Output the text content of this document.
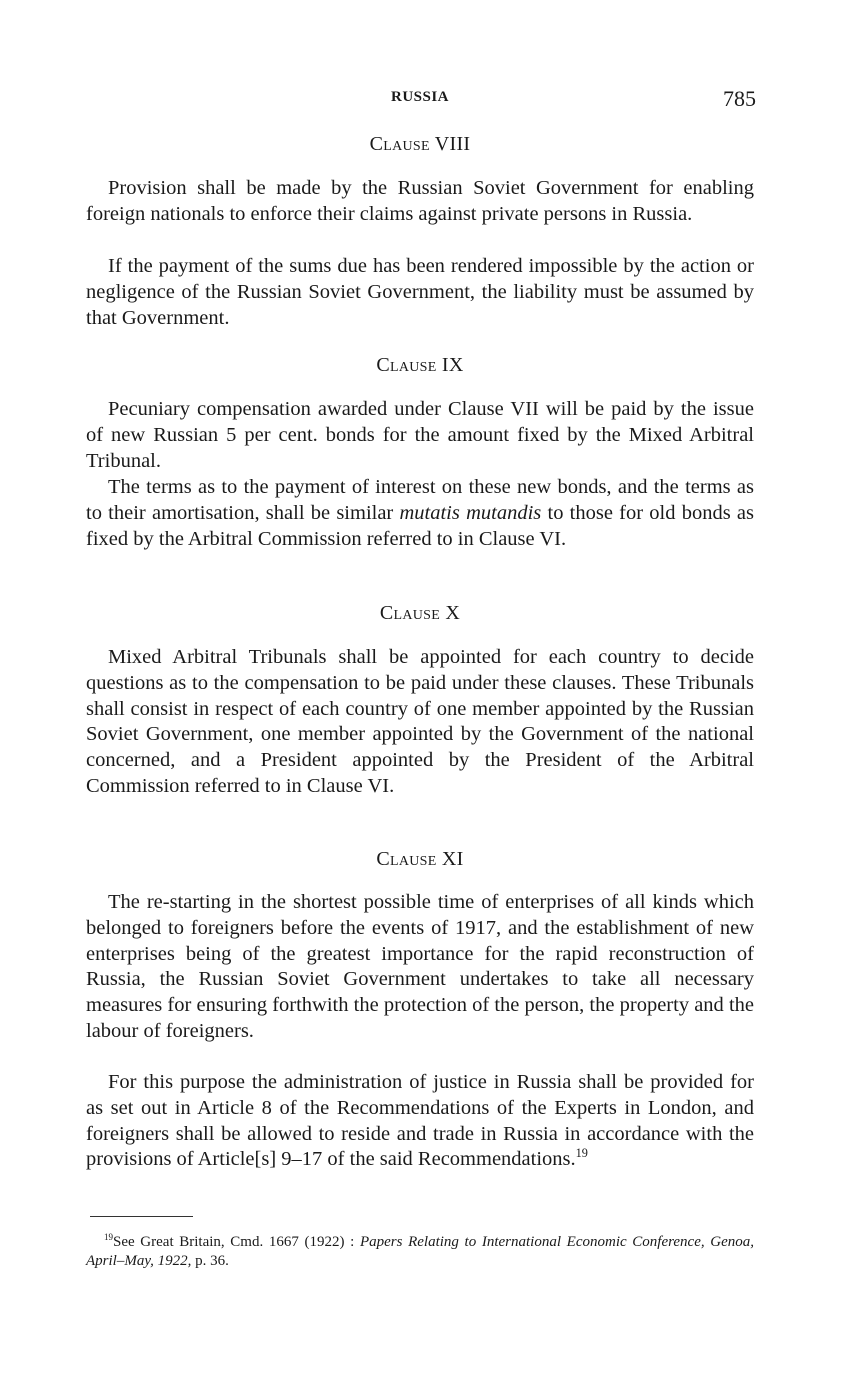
RUSSIA	785
Clause VIII

Provision shall be made by the Russian Soviet Government for enabling foreign nationals to enforce their claims against private persons in Russia.

If the payment of the sums due has been rendered impossible by the action or negligence of the Russian Soviet Government, the liability must be assumed by that Government.

Clause IX

Pecuniary compensation awarded under Clause VII will be paid by the issue of new Russian 5 per cent. bonds for the amount fixed by the Mixed Arbitral Tribunal.

The terms as to the payment of interest on these new bonds, and the terms as to their amortisation, shall be similar mutatis mutandis to those for old bonds as fixed by the Arbitral Commission referred to in Clause VI.

Clause X

Mixed Arbitral Tribunals shall be appointed for each country to decide questions as to the compensation to be paid under these clauses. These Tribunals shall consist in respect of each country of one member appointed by the Russian Soviet Government, one member appointed by the Government of the national concerned, and a President appointed by the President of the Arbitral Commission referred to in Clause VI.

Clause XI

The re-starting in the shortest possible time of enterprises of all kinds which belonged to foreigners before the events of 1917, and the establishment of new enterprises being of the greatest importance for the rapid reconstruction of Russia, the Russian Soviet Government undertakes to take all necessary measures for ensuring forthwith the protection of the person, the property and the labour of foreigners.

For this purpose the administration of justice in Russia shall be provided for as set out in Article 8 of the Recommendations of the Experts in London, and foreigners shall be allowed to reside and trade in Russia in accordance with the provisions of Article[s] 9–17 of the said Recommendations.$^{19}$

$^{19}$See Great Britain, Cmd. 1667 (1922) : Papers Relating to International Economic Conference, Genoa, April–May, 1922, p. 36.
